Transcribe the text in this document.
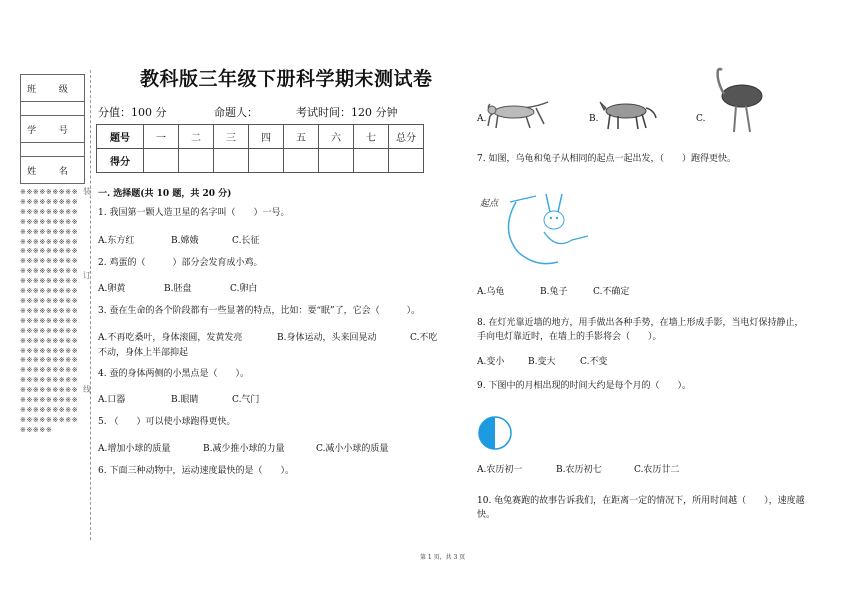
班 级
学 号
姓 名
※※※※※※※※※※※※※※※※※※※※※※※※※※※※※※※※※※※※※※※※※※※※※※※※※※※※※※※※※※※※※※※※※※※※※※※※※※※※※※※※※※※※※※※※※※※※※※※※※※※※※※※※※※※※※※※※※※※※※※※※※※※※※※※※※※※※※※※※※※※※※※※※※※※※※※※※※※※※※※※※※※※※※※※※※※※※※※※※※※※※※※※※※※※※※※※※※※※※※※※※※※※※※※※※※※※※※※※※※※※※※
装
订
线
教科版三年级下册科学期末测试卷
分值：100 分	命题人：	考试时间：120 分钟
题号	一	二	三	四	五	六	七	总分
得分								
一. 选择题(共 10 题，共 20 分)
1. 我国第一颗人造卫星的名字叫（　　）一号。
A.东方红	B.嫦娥	C.长征
2. 鸡蛋的（　　　）部分会发育成小鸡。
A.卵黄	B.胚盘	C.卵白
3. 蚕在生命的各个阶段都有一些显著的特点，比如：要“眠”了，它会（　　　）。
A.不再吃桑叶，身体滚圆，发黄发亮	B.身体运动，头来回晃动	C.不吃
不动，身体上半部抑起
4. 蚕的身体两侧的小黑点是（　　）。
A.口器	B.眼睛	C.气门
5. （　　）可以使小球跑得更快。
A.增加小球的质量	B.减少推小球的力量	C.减小小球的质量
6. 下面三种动物中，运动速度最快的是（　　）。
A.	B.	C.
7. 如图，乌龟和兔子从相同的起点一起出发，（　　）跑得更快。
起点
A.乌龟	B.兔子	C.不确定
8. 在灯光靠近墙的地方，用手做出各种手势，在墙上形成手影，当电灯保持静止，
手向电灯靠近时，在墙上的手影将会（　　）。
A.变小	B.变大	C.不变
9. 下图中的月相出现的时间大约是每个月的（　　）。
A.农历初一	B.农历初七	C.农历廿二
10. 龟兔赛跑的故事告诉我们，在距离一定的情况下，所用时间越（　　），速度越
快。
第 1 页，共 3 页
